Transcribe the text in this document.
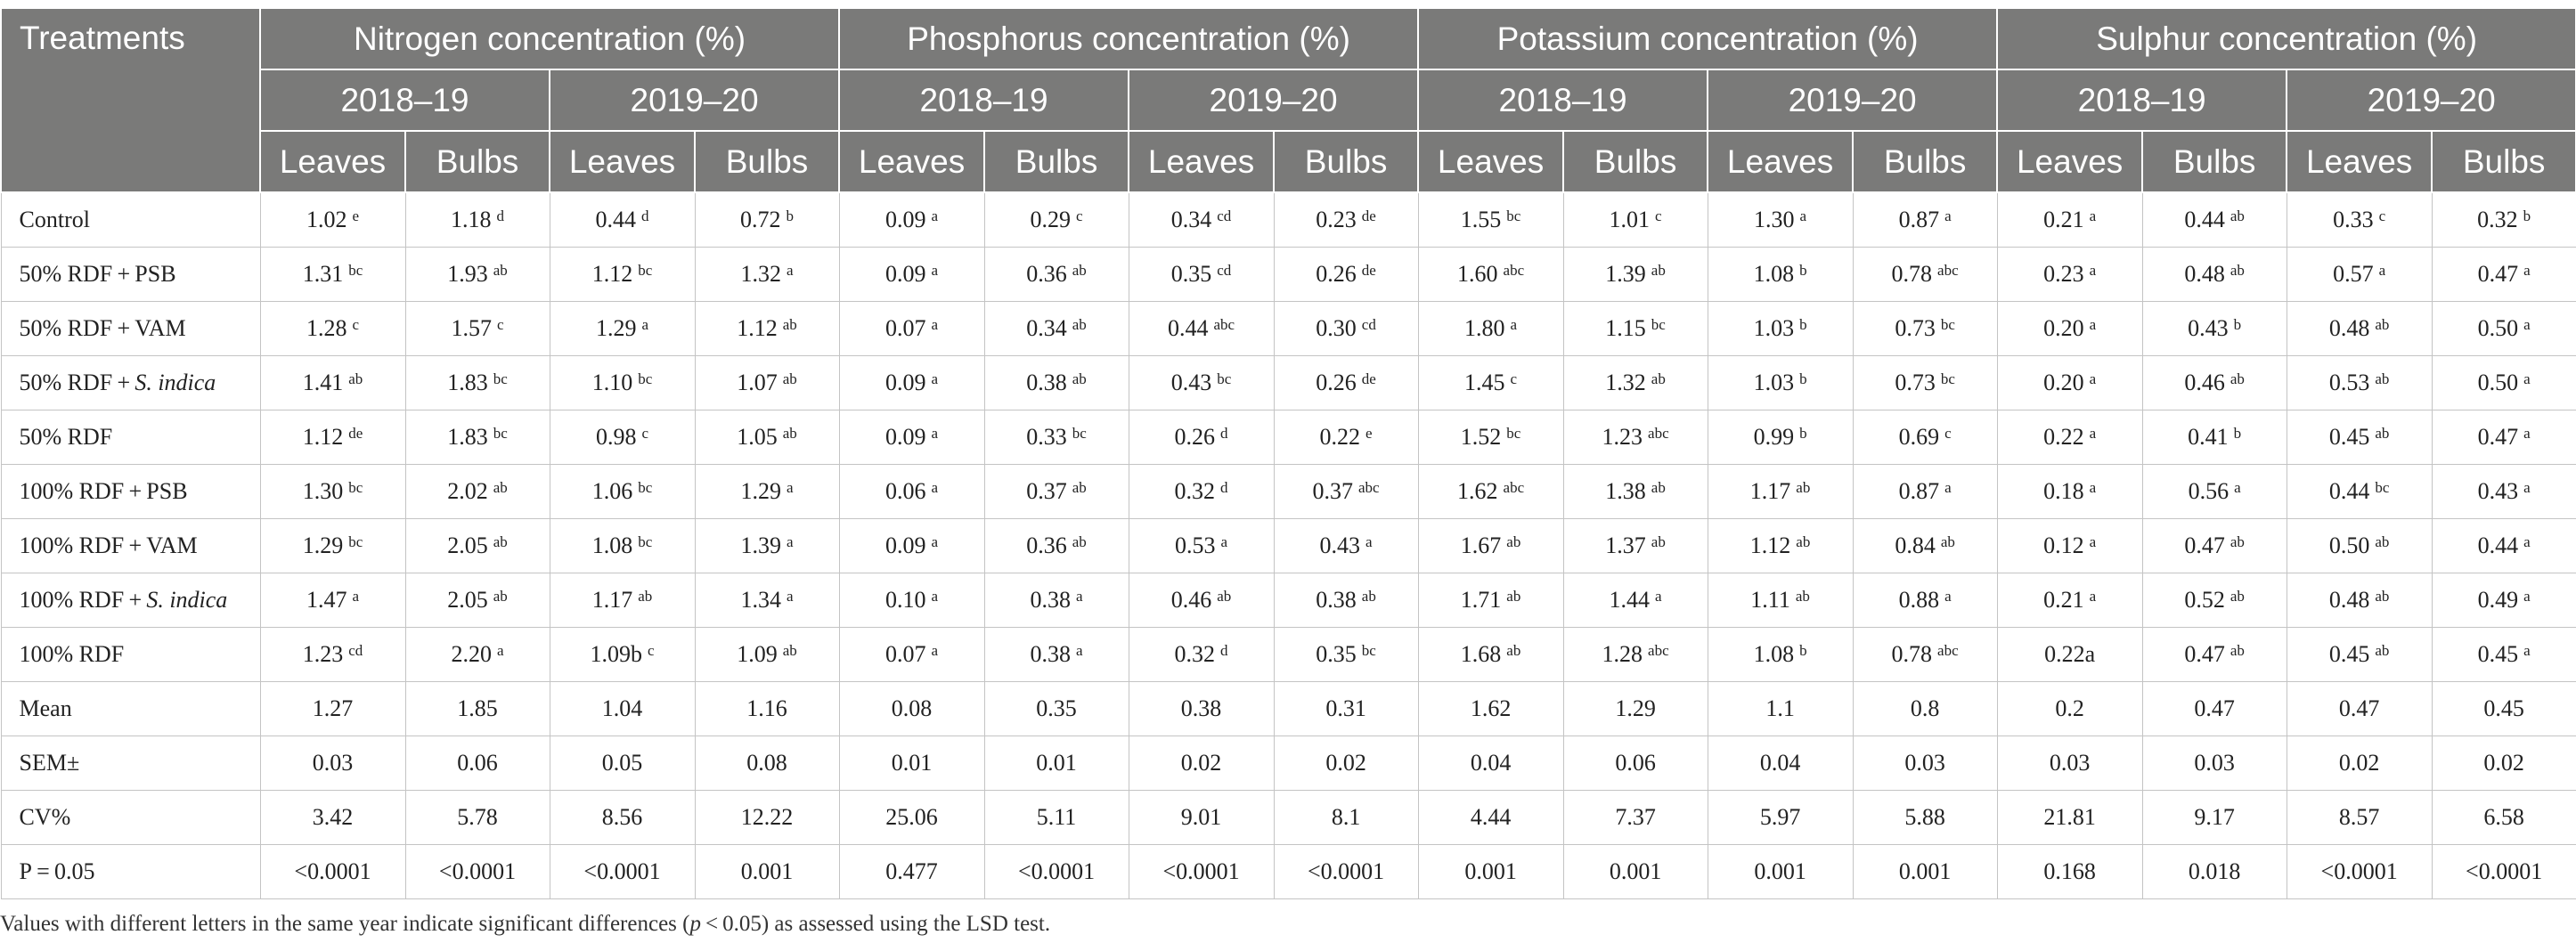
Treatments	Nitrogen concentration (%)				Phosphorus concentration (%)				Potassium concentration (%)				Sulphur concentration (%)			
	2018–19		2019–20		2018–19		2019–20		2018–19		2019–20		2018–19		2019–20	
	Leaves	Bulbs	Leaves	Bulbs	Leaves	Bulbs	Leaves	Bulbs	Leaves	Bulbs	Leaves	Bulbs	Leaves	Bulbs	Leaves	Bulbs
Control	1.02 $^e$	1.18 $^d$	0.44 $^d$	0.72 $^b$	0.09 $^a$	0.29 $^c$	0.34 $^{cd}$	0.23 $^{de}$	1.55 $^{bc}$	1.01 $^c$	1.30 $^a$	0.87 $^a$	0.21 $^a$	0.44 $^{ab}$	0.33 $^c$	0.32 $^b$
50% RDF + PSB	1.31 $^{bc}$	1.93 $^{ab}$	1.12 $^{bc}$	1.32 $^a$	0.09 $^a$	0.36 $^{ab}$	0.35 $^{cd}$	0.26 $^{de}$	1.60 $^{abc}$	1.39 $^{ab}$	1.08 $^b$	0.78 $^{abc}$	0.23 $^a$	0.48 $^{ab}$	0.57 $^a$	0.47 $^a$
50% RDF + VAM	1.28 $^c$	1.57 $^c$	1.29 $^a$	1.12 $^{ab}$	0.07 $^a$	0.34 $^{ab}$	0.44 $^{abc}$	0.30 $^{cd}$	1.80 $^a$	1.15 $^{bc}$	1.03 $^b$	0.73 $^{bc}$	0.20 $^a$	0.43 $^b$	0.48 $^{ab}$	0.50 $^a$
50% RDF + S. indica	1.41 $^{ab}$	1.83 $^{bc}$	1.10 $^{bc}$	1.07 $^{ab}$	0.09 $^a$	0.38 $^{ab}$	0.43 $^{bc}$	0.26 $^{de}$	1.45 $^c$	1.32 $^{ab}$	1.03 $^b$	0.73 $^{bc}$	0.20 $^a$	0.46 $^{ab}$	0.53 $^{ab}$	0.50 $^a$
50% RDF	1.12 $^{de}$	1.83 $^{bc}$	0.98 $^c$	1.05 $^{ab}$	0.09 $^a$	0.33 $^{bc}$	0.26 $^d$	0.22 $^e$	1.52 $^{bc}$	1.23 $^{abc}$	0.99 $^b$	0.69 $^c$	0.22 $^a$	0.41 $^b$	0.45 $^{ab}$	0.47 $^a$
100% RDF + PSB	1.30 $^{bc}$	2.02 $^{ab}$	1.06 $^{bc}$	1.29 $^a$	0.06 $^a$	0.37 $^{ab}$	0.32 $^d$	0.37 $^{abc}$	1.62 $^{abc}$	1.38 $^{ab}$	1.17 $^{ab}$	0.87 $^a$	0.18 $^a$	0.56 $^a$	0.44 $^{bc}$	0.43 $^a$
100% RDF + VAM	1.29 $^{bc}$	2.05 $^{ab}$	1.08 $^{bc}$	1.39 $^a$	0.09 $^a$	0.36 $^{ab}$	0.53 $^a$	0.43 $^a$	1.67 $^{ab}$	1.37 $^{ab}$	1.12 $^{ab}$	0.84 $^{ab}$	0.12 $^a$	0.47 $^{ab}$	0.50 $^{ab}$	0.44 $^a$
100% RDF + S. indica	1.47 $^a$	2.05 $^{ab}$	1.17 $^{ab}$	1.34 $^a$	0.10 $^a$	0.38 $^a$	0.46 $^{ab}$	0.38 $^{ab}$	1.71 $^{ab}$	1.44 $^a$	1.11 $^{ab}$	0.88 $^a$	0.21 $^a$	0.52 $^{ab}$	0.48 $^{ab}$	0.49 $^a$
100% RDF	1.23 $^{cd}$	2.20 $^a$	1.09b $^c$	1.09 $^{ab}$	0.07 $^a$	0.38 $^a$	0.32 $^d$	0.35 $^{bc}$	1.68 $^{ab}$	1.28 $^{abc}$	1.08 $^b$	0.78 $^{abc}$	0.22a	0.47 $^{ab}$	0.45 $^{ab}$	0.45 $^a$
Mean	1.27	1.85	1.04	1.16	0.08	0.35	0.38	0.31	1.62	1.29	1.1	0.8	0.2	0.47	0.47	0.45
SEM±	0.03	0.06	0.05	0.08	0.01	0.01	0.02	0.02	0.04	0.06	0.04	0.03	0.03	0.03	0.02	0.02
CV%	3.42	5.78	8.56	12.22	25.06	5.11	9.01	8.1	4.44	7.37	5.97	5.88	21.81	9.17	8.57	6.58
P = 0.05	<0.0001	<0.0001	<0.0001	0.001	0.477	<0.0001	<0.0001	<0.0001	0.001	0.001	0.001	0.001	0.168	0.018	<0.0001	<0.0001
Values with different letters in the same year indicate significant differences (p < 0.05) as assessed using the LSD test.
